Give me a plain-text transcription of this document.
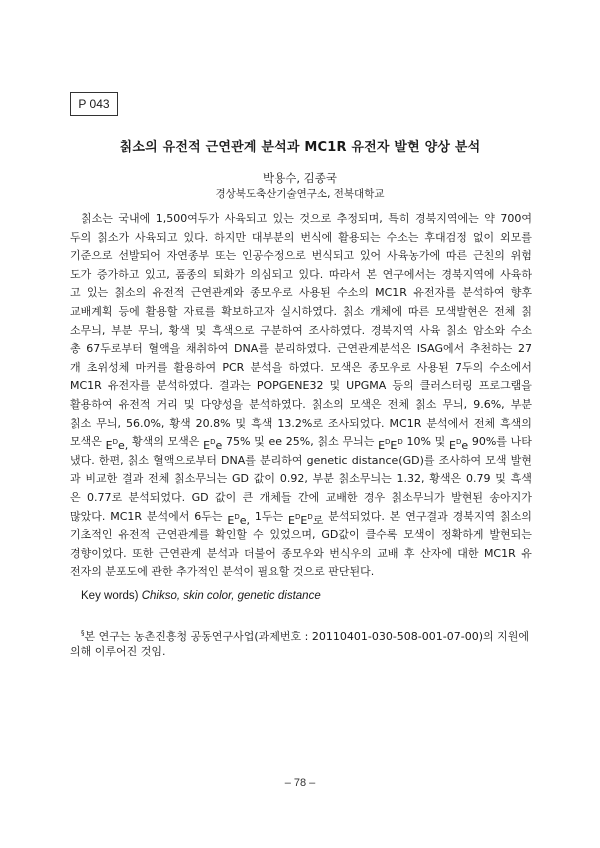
P 043
칡소의 유전적 근연관계 분석과 MC1R 유전자 발현 양상 분석
박용수, 김종국
경상북도축산기술연구소, 전북대학교
칡소는 국내에 1,500여두가 사육되고 있는 것으로 추정되며, 특히 경북지역에는 약 700여
두의 칡소가 사육되고 있다. 하지만 대부분의 번식에 활용되는 수소는 후대검정 없이 외모를
기준으로 선발되어 자연종부 또는 인공수정으로 번식되고 있어 사육농가에 따른 근친의 위험
도가 증가하고 있고, 품종의 퇴화가 의심되고 있다. 따라서 본 연구에서는 경북지역에 사육하
고 있는 칡소의 유전적 근연관계와 종모우로 사용된 수소의 MC1R 유전자를 분석하여 향후
교배계획 등에 활용할 자료를 확보하고자 실시하였다. 칡소 개체에 따른 모색발현은 전체 칡
소무늬, 부분 무늬, 황색 및 흑색으로 구분하여 조사하였다. 경북지역 사육 칡소 암소와 수소
총 67두로부터 혈액을 채취하여 DNA를 분리하였다. 근연관계분석은 ISAG에서 추천하는 27
개 초위성체 마커를 활용하여 PCR 분석을 하였다. 모색은 종모우로 사용된 7두의 수소에서
MC1R 유전자를 분석하였다. 결과는 POPGENE32 및 UPGMA 등의 클러스터링 프로그램을
활용하여 유전적 거리 및 다양성을 분석하였다. 칡소의 모색은 전체 칡소 무늬, 9.6%, 부분
칡소 무늬, 56.0%, 황색 20.8% 및 흑색 13.2%로 조사되었다. MC1R 분석에서 전체 흑색의
모색은 $E^De$, 황색의 모색은 $E^De$ 75% 및 ee 25%, 칡소 무늬는 $E^DE^D$ 10% 및 $E^De$ 90%를 나타
냈다. 한편, 칡소 혈액으로부터 DNA를 분리하여 genetic distance(GD)를 조사하여 모색 발현
과 비교한 결과 전체 칡소무늬는 GD 값이 0.92, 부분 칡소무늬는 1.32, 황색은 0.79 및 흑색
은 0.77로 분석되었다. GD 값이 큰 개체들 간에 교배한 경우 칡소무늬가 발현된 송아지가
많았다. MC1R 분석에서 6두는 $E^De$, 1두는 $E^DE^D$로 분석되었다. 본 연구결과 경북지역 칡소의
기초적인 유전적 근연관계를 확인할 수 있었으며, GD값이 클수록 모색이 정확하게 발현되는
경향이었다. 또한 근연관계 분석과 더불어 종모우와 번식우의 교배 후 산자에 대한 MC1R 유
전자의 분포도에 관한 추가적인 분석이 필요할 것으로 판단된다.
Key words) Chikso, skin color, genetic distance
§본 연구는 농촌진흥청 공동연구사업(과제번호 : 20110401-030-508-001-07-00)의 지원에
의해 이루어진 것임.
– 78 –
